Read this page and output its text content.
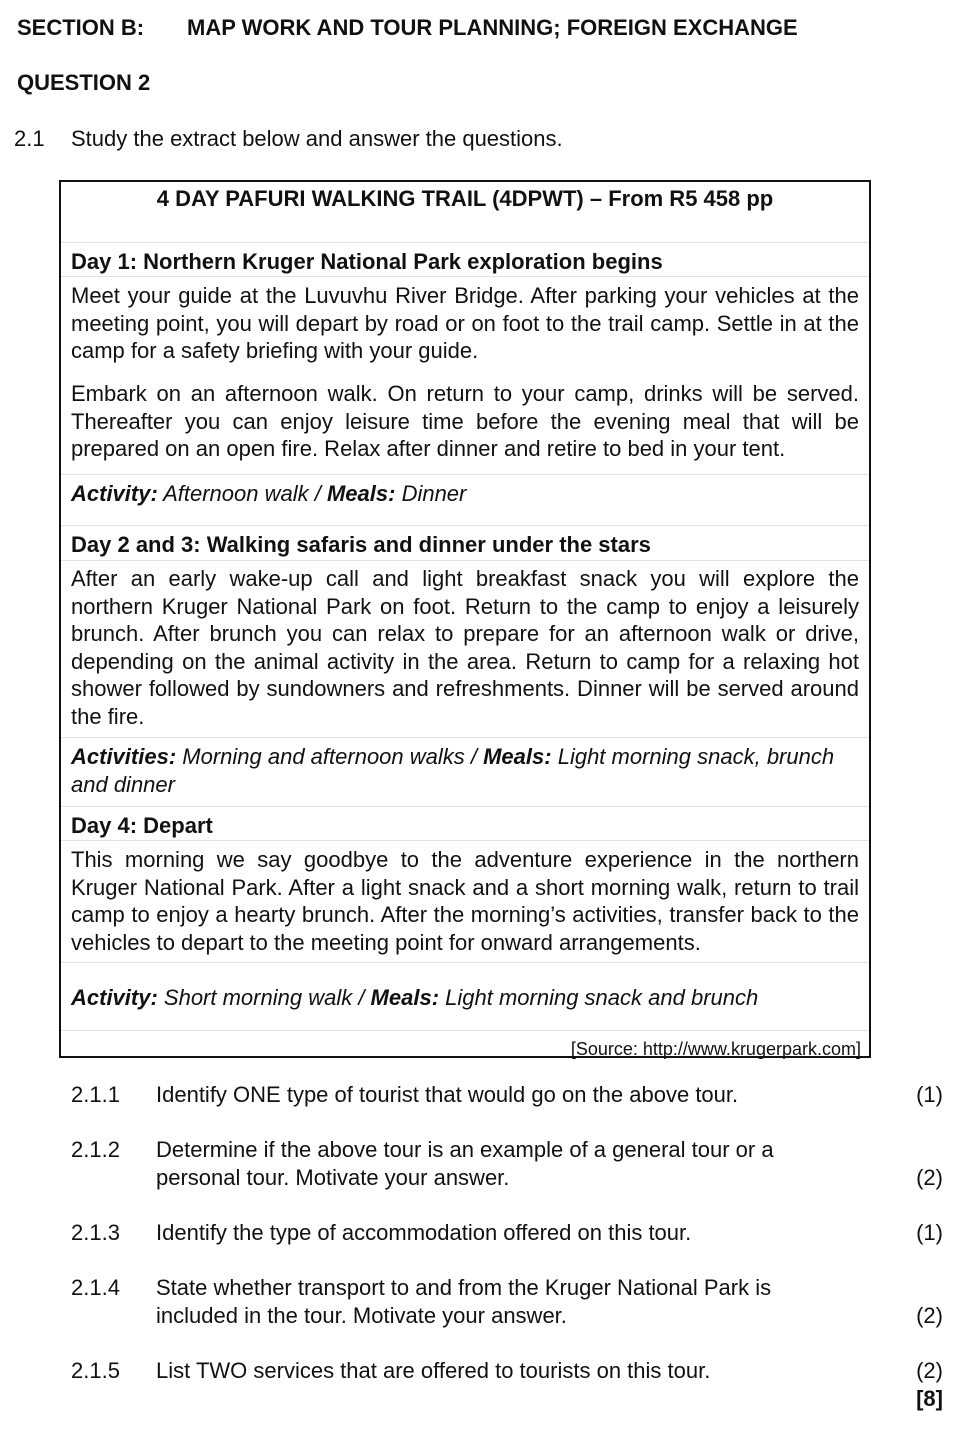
SECTION B: MAP WORK AND TOUR PLANNING; FOREIGN EXCHANGE
QUESTION 2
2.1 Study the extract below and answer the questions.
4 DAY PAFURI WALKING TRAIL (4DPWT) – From R5 458 pp
Day 1: Northern Kruger National Park exploration begins
Meet your guide at the Luvuvhu River Bridge. After parking your vehicles at the meeting point, you will depart by road or on foot to the trail camp. Settle in at the camp for a safety briefing with your guide.
Embark on an afternoon walk. On return to your camp, drinks will be served. Thereafter you can enjoy leisure time before the evening meal that will be prepared on an open fire. Relax after dinner and retire to bed in your tent.
Activity: Afternoon walk / Meals: Dinner
Day 2 and 3: Walking safaris and dinner under the stars
After an early wake-up call and light breakfast snack you will explore the northern Kruger National Park on foot. Return to the camp to enjoy a leisurely brunch. After brunch you can relax to prepare for an afternoon walk or drive, depending on the animal activity in the area. Return to camp for a relaxing hot shower followed by sundowners and refreshments. Dinner will be served around the fire.
Activities: Morning and afternoon walks / Meals: Light morning snack, brunch and dinner
Day 4: Depart
This morning we say goodbye to the adventure experience in the northern Kruger National Park. After a light snack and a short morning walk, return to trail camp to enjoy a hearty brunch. After the morning’s activities, transfer back to the vehicles to depart to the meeting point for onward arrangements.
Activity: Short morning walk / Meals: Light morning snack and brunch
[Source: http://www.krugerpark.com]
2.1.1 Identify ONE type of tourist that would go on the above tour.	(1)
2.1.2 Determine if the above tour is an example of a general tour or a personal tour. Motivate your answer.	(2)
2.1.3 Identify the type of accommodation offered on this tour.	(1)
2.1.4 State whether transport to and from the Kruger National Park is included in the tour. Motivate your answer.	(2)
2.1.5 List TWO services that are offered to tourists on this tour.	(2)
[8]
